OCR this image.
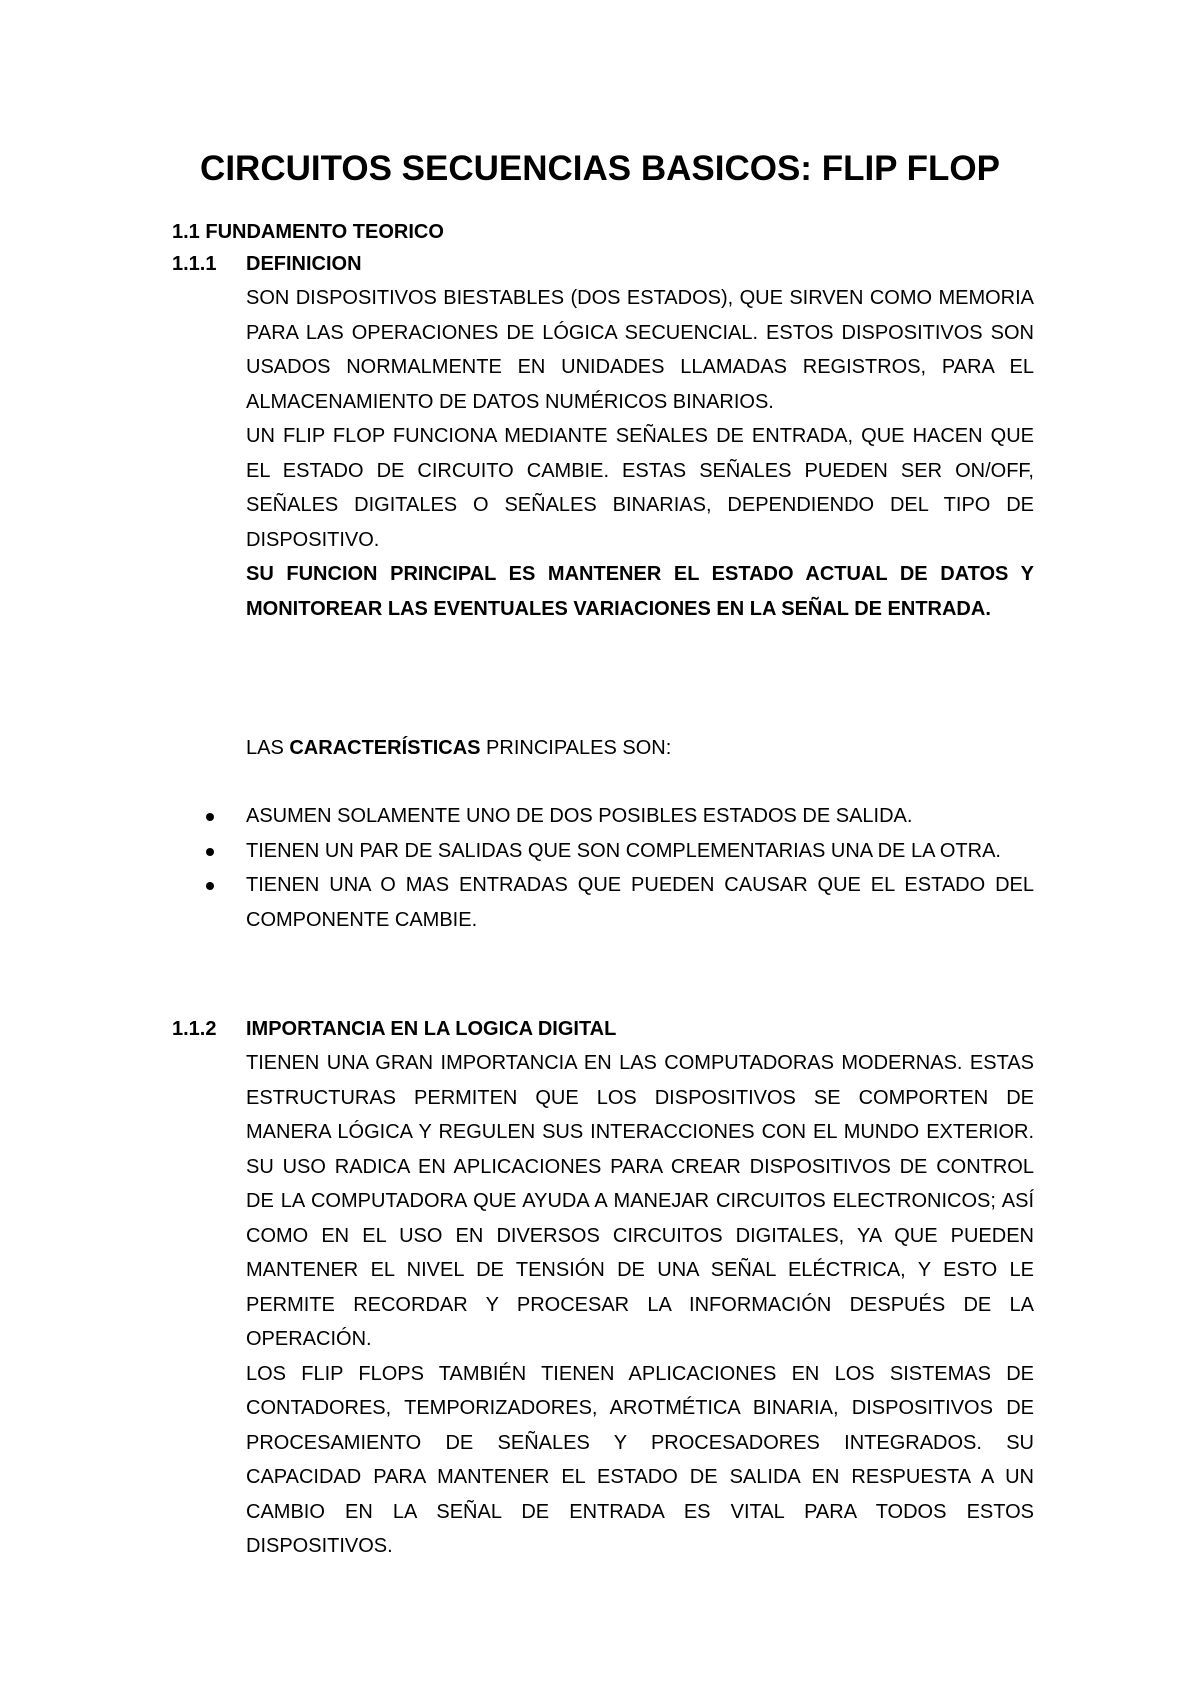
CIRCUITOS SECUENCIAS BASICOS: FLIP FLOP
1.1 FUNDAMENTO TEORICO
1.1.1	DEFINICION

SON DISPOSITIVOS BIESTABLES (DOS ESTADOS), QUE SIRVEN COMO MEMORIA PARA LAS OPERACIONES DE LÓGICA SECUENCIAL. ESTOS DISPOSITIVOS SON USADOS NORMALMENTE EN UNIDADES LLAMADAS REGISTROS, PARA EL ALMACENAMIENTO DE DATOS NUMÉRICOS BINARIOS.

UN FLIP FLOP FUNCIONA MEDIANTE SEÑALES DE ENTRADA, QUE HACEN QUE EL ESTADO DE CIRCUITO CAMBIE. ESTAS SEÑALES PUEDEN SER ON/OFF, SEÑALES DIGITALES O SEÑALES BINARIAS, DEPENDIENDO DEL TIPO DE DISPOSITIVO.

SU FUNCION PRINCIPAL ES MANTENER EL ESTADO ACTUAL DE DATOS Y MONITOREAR LAS EVENTUALES VARIACIONES EN LA SEÑAL DE ENTRADA.

LAS CARACTERÍSTICAS PRINCIPALES SON:

ASUMEN SOLAMENTE UNO DE DOS POSIBLES ESTADOS DE SALIDA.
TIENEN UN PAR DE SALIDAS QUE SON COMPLEMENTARIAS UNA DE LA OTRA.
TIENEN UNA O MAS ENTRADAS QUE PUEDEN CAUSAR QUE EL ESTADO DEL COMPONENTE CAMBIE.
1.1.2	IMPORTANCIA EN LA LOGICA DIGITAL

TIENEN UNA GRAN IMPORTANCIA EN LAS COMPUTADORAS MODERNAS. ESTAS ESTRUCTURAS PERMITEN QUE LOS DISPOSITIVOS SE COMPORTEN DE MANERA LÓGICA Y REGULEN SUS INTERACCIONES CON EL MUNDO EXTERIOR. SU USO RADICA EN APLICACIONES PARA CREAR DISPOSITIVOS DE CONTROL DE LA COMPUTADORA QUE AYUDA A MANEJAR CIRCUITOS ELECTRONICOS; ASÍ COMO EN EL USO EN DIVERSOS CIRCUITOS DIGITALES, YA QUE PUEDEN MANTENER EL NIVEL DE TENSIÓN DE UNA SEÑAL ELÉCTRICA, Y ESTO LE PERMITE RECORDAR Y PROCESAR LA INFORMACIÓN DESPUÉS DE LA OPERACIÓN.

LOS FLIP FLOPS TAMBIÉN TIENEN APLICACIONES EN LOS SISTEMAS DE CONTADORES, TEMPORIZADORES, AROTMÉTICA BINARIA, DISPOSITIVOS DE PROCESAMIENTO DE SEÑALES Y PROCESADORES INTEGRADOS. SU CAPACIDAD PARA MANTENER EL ESTADO DE SALIDA EN RESPUESTA A UN CAMBIO EN LA SEÑAL DE ENTRADA ES VITAL PARA TODOS ESTOS DISPOSITIVOS.
